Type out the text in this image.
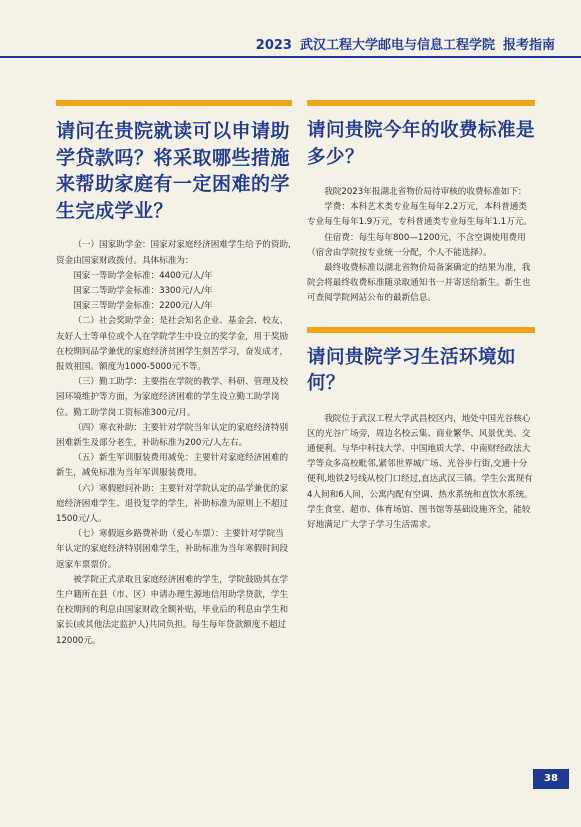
2023 武汉工程大学邮电与信息工程学院 报考指南
请问在贵院就读可以申请助学贷款吗？将采取哪些措施来帮助家庭有一定困难的学生完成学业？

（一）国家助学金：国家对家庭经济困难学生给予的资助,资金由国家财政拨付。具体标准为：

国家一等助学金标准：4400元/人/年

国家二等助学金标准：3300元/人/年

国家三等助学金标准：2200元/人/年

（二）社会奖助学金：是社会知名企业、基金会、校友、友好人士等单位或个人在学院学生中设立的奖学金，用于奖励在校期间品学兼优的家庭经济贫困学生刻苦学习，奋发成才，报效祖国。额度为1000-5000元不等。

（三）勤工助学：主要指在学院的教学、科研、管理及校园环境维护等方面，为家庭经济困难的学生设立勤工助学岗位。勤工助学岗工资标准300元/月。

（四）寒衣补助：主要针对学院当年认定的家庭经济特别困难新生及部分老生，补助标准为200元/人左右。

（五）新生军训服装费用减免：主要针对家庭经济困难的新生，减免标准为当年军训服装费用。

（六）寒假慰问补助：主要针对学院认定的品学兼优的家庭经济困难学生、退役复学的学生，补助标准为原则上不超过1500元/人。

（七）寒假返乡路费补助（爱心车票）：主要针对学院当年认定的家庭经济特别困难学生，补助标准为当年寒假时间段返家车票票价。

被学院正式录取且家庭经济困难的学生，学院鼓励其在学生户籍所在县（市、区）申请办理生源地信用助学贷款，学生在校期间的利息由国家财政全额补贴，毕业后的利息由学生和家长(或其他法定监护人)共同负担。每生每年贷款额度不超过12000元。

请问贵院今年的收费标准是多少？

我院2023年报湖北省物价局待审核的收费标准如下：

学费：本科艺术类专业每生每年2.2万元，本科普通类专业每生每年1.9万元，专科普通类专业每生每年1.1万元。

住宿费：每生每年800—1200元，不含空调使用费用（宿舍由学院按专业统一分配，个人不能选择）。

最终收费标准以湖北省物价局备案确定的结果为准，我院会将最终收费标准随录取通知书一并寄送给新生。新生也可查阅学院网站公布的最新信息。

请问贵院学习生活环境如何？

我院位于武汉工程大学武昌校区内，地处中国光谷核心区的光谷广场旁，周边名校云集、商业繁华、风景优美、交通便利。与华中科技大学、中国地质大学、中南财经政法大学等众多高校毗邻,紧邻世界城广场、光谷步行街,交通十分便利,地铁2号线从校门口经过,直达武汉三镇。学生公寓现有4人间和6人间，公寓内配有空调、热水系统和直饮水系统。学生食堂、超市、体育场馆、图书馆等基础设施齐全，能较好地满足广大学子学习生活需求。

38
